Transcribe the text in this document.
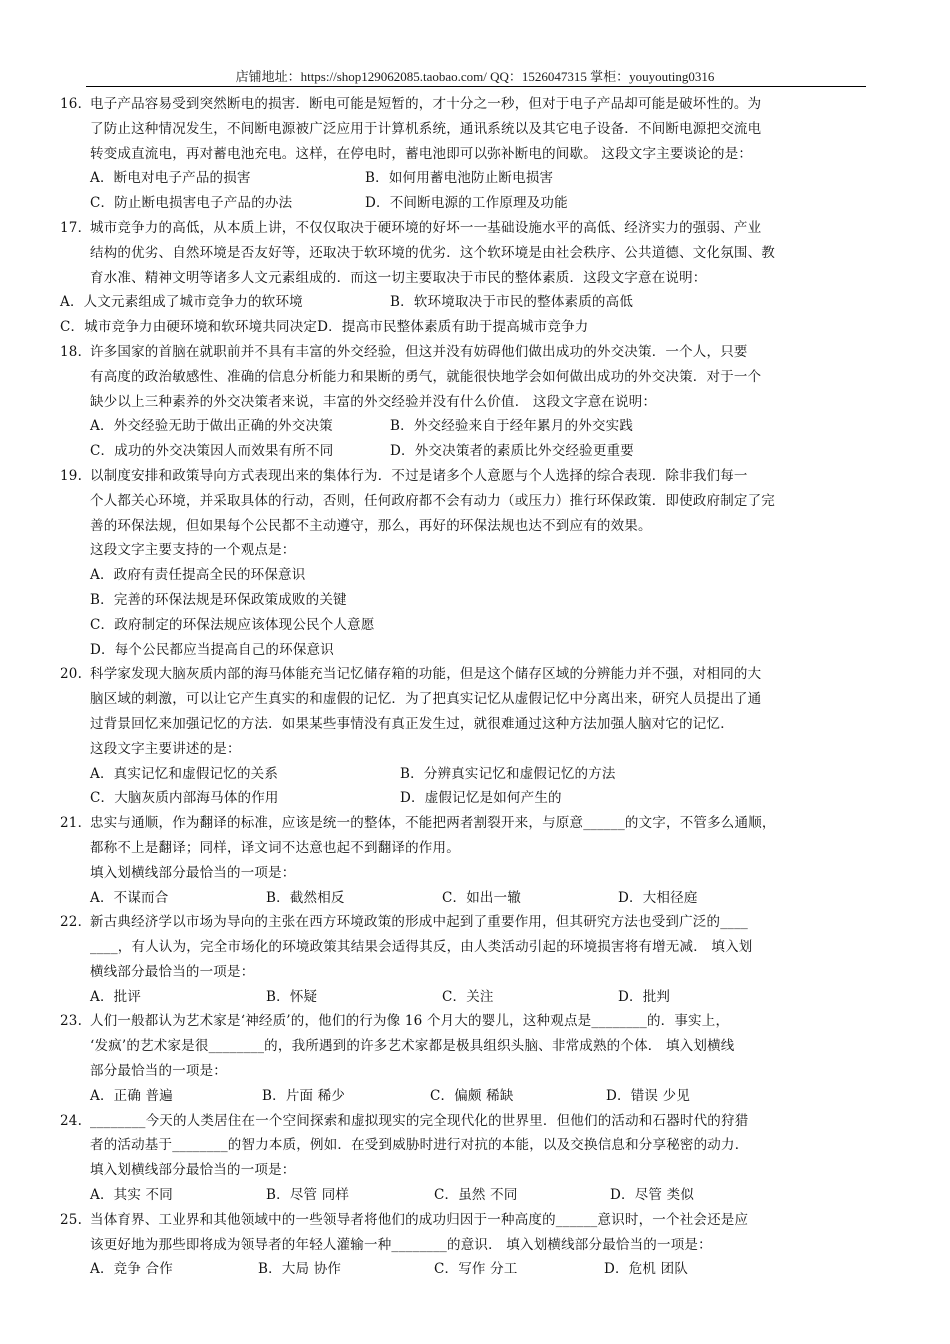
店铺地址：https://shop129062085.taobao.com/ QQ：1526047315 掌柜：youyouting0316
16．
电子产品容易受到突然断电的损害．断电可能是短暂的，才十分之一秒，但对于电子产品却可能是破坏性的。为
了防止这种情况发生，不间断电源被广泛应用于计算机系统，通讯系统以及其它电子设备．不间断电源把交流电
转变成直流电，再对蓄电池充电。这样，在停电时，蓄电池即可以弥补断电的间歇。 这段文字主要谈论的是：
A．断电对电子产品的损害	B．如何用蓄电池防止断电损害
C．防止断电损害电子产品的办法	D．不间断电源的工作原理及功能
17．
城市竞争力的高低，从本质上讲，不仅仅取决于硬环境的好坏一一基础设施水平的高低、经济实力的强弱、产业
结构的优劣、自然环境是否友好等，还取决于软环境的优劣．这个软环境是由社会秩序、公共道德、文化氛围、教
育水准、精神文明等诸多人文元素组成的．而这一切主要取决于市民的整体素质．这段文字意在说明：
A．人文元素组成了城市竞争力的软环境	B．软环境取决于市民的整体素质的高低
C．城市竞争力由硬环境和软环境共同决定 D．提高市民整体素质有助于提高城市竞争力
18．
许多国家的首脑在就职前并不具有丰富的外交经验，但这并没有妨碍他们做出成功的外交决策．一个人，只要
有高度的政治敏感性、准确的信息分析能力和果断的勇气，就能很快地学会如何做出成功的外交决策．对于一个
缺少以上三种素养的外交决策者来说，丰富的外交经验并没有什么价值． 这段文字意在说明：
A．外交经验无助于做出正确的外交决策	B．外交经验来自于经年累月的外交实践
C．成功的外交决策因人而效果有所不同	D．外交决策者的素质比外交经验更重要
19. 以制度安排和政策导向方式表现出来的集体行为．不过是诸多个人意愿与个人选择的综合表现．除非我们每一
个人都关心环境，并采取具体的行动，否则，任何政府都不会有动力（或压力）推行环保政策．即使政府制定了完
善的环保法规，但如果每个公民都不主动遵守，那么，再好的环保法规也达不到应有的效果。
这段文字主要支持的一个观点是：
A．政府有责任提高全民的环保意识
B．完善的环保法规是环保政策成败的关键
C．政府制定的环保法规应该体现公民个人意愿
D．每个公民都应当提高自己的环保意识
20. 科学家发现大脑灰质内部的海马体能充当记忆储存箱的功能，但是这个储存区域的分辨能力并不强，对相同的大
脑区域的刺激，可以让它产生真实的和虚假的记忆．为了把真实记忆从虚假记忆中分离出来，研究人员提出了通
过背景回忆来加强记忆的方法．如果某些事情没有真正发生过，就很难通过这种方法加强人脑对它的记忆．
这段文字主要讲述的是：
A．真实记忆和虚假记忆的关系	B．分辨真实记忆和虚假记忆的方法
C．大脑灰质内部海马体的作用	D．虚假记忆是如何产生的
21．
忠实与通顺，作为翻译的标准，应该是统一的整体，不能把两者割裂开来，与原意______的文字，不管多么通顺，
都称不上是翻译；同样，译文词不达意也起不到翻译的作用。
填入划横线部分最恰当的一项是：
A．不谋而合	B．截然相反	C．如出一辙	D．大相径庭
22．
新古典经济学以市场为导向的主张在西方环境政策的形成中起到了重要作用，但其研究方法也受到广泛的____
____，有人认为，完全市场化的环境政策其结果会适得其反，由人类活动引起的环境损害将有增无减． 填入划
横线部分最恰当的一项是：
A．批评	B．怀疑	C．关注	D．批判
23. 人们一般都认为艺术家是‘神经质’的，他们的行为像 16 个月大的婴儿，这种观点是________的．事实上，
‘发疯’的艺术家是很________的，我所遇到的许多艺术家都是极具组织头脑、非常成熟的个体． 填入划横线
部分最恰当的一项是：
A．正确 普遍	B．片面 稀少	C．偏颇 稀缺	D．错误 少见
24. ________今天的人类居住在一个空间探索和虚拟现实的完全现代化的世界里．但他们的活动和石器时代的狩猎
者的活动基于________的智力本质，例如．在受到威胁时进行对抗的本能，以及交换信息和分享秘密的动力．
填入划横线部分最恰当的一项是：
A．其实 不同	B．尽管 同样	C．虽然 不同	D．尽管 类似
25. 当体育界、工业界和其他领域中的一些领导者将他们的成功归因于一种高度的______意识时，一个社会还是应
该更好地为那些即将成为领导者的年轻人灌输一种________的意识． 填入划横线部分最恰当的一项是：
A．竞争 合作	B．大局 协作	C．写作 分工	D．危机 团队
